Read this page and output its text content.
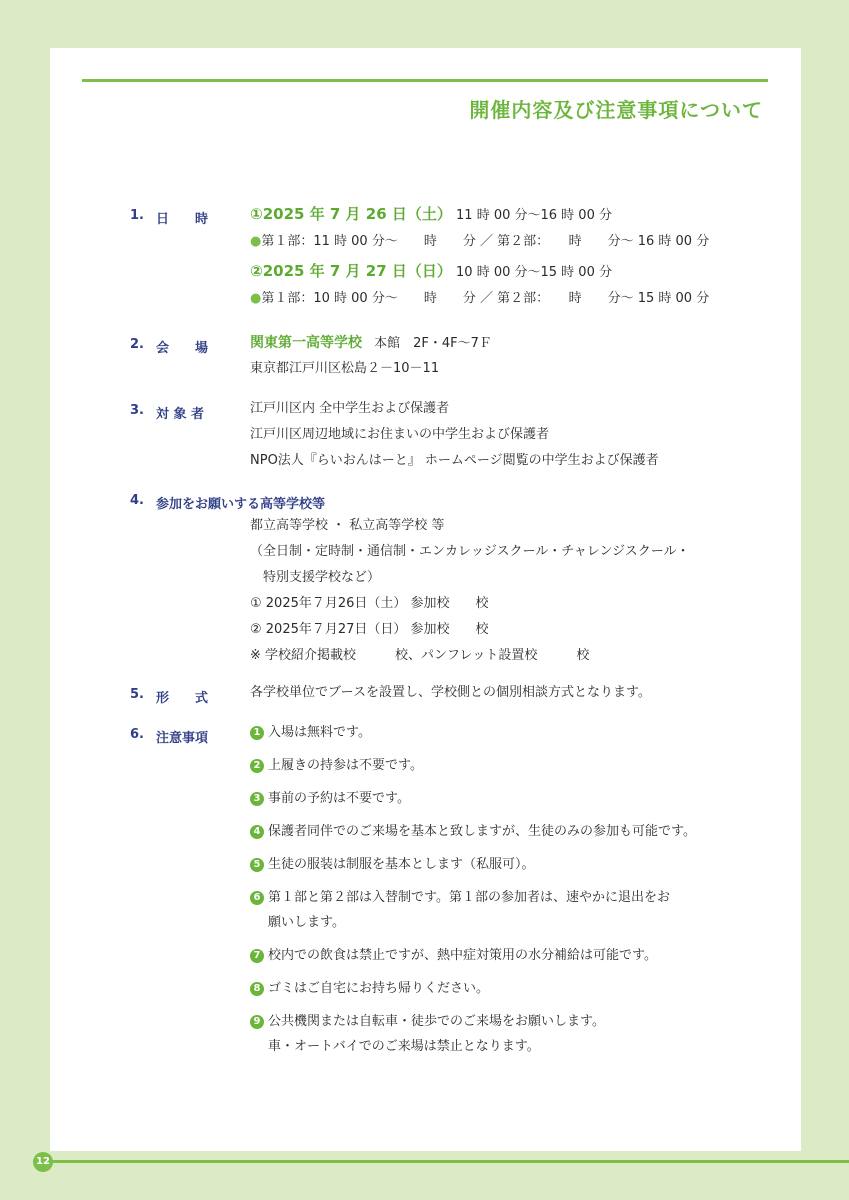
開催内容及び注意事項について
1. 日　　時	①2025 年 7 月 26 日（土） 11 時 00 分〜16 時 00 分
●第１部：11 時 00 分〜　　時　　分 ／ 第２部：　　時　　分〜 16 時 00 分
②2025 年 7 月 27 日（日） 10 時 00 分〜15 時 00 分
●第１部：10 時 00 分〜　　時　　分 ／ 第２部：　　時　　分〜 15 時 00 分
2. 会　　場	関東第一高等学校 本館　2F・4F〜7Ｆ
東京都江戸川区松島２－10－11
3. 対 象 者	江戸川区内 全中学生および保護者
江戸川区周辺地域にお住まいの中学生および保護者
NPO法人『らいおんはーと』 ホームページ閲覧の中学生および保護者
4. 参加をお願いする高等学校等
都立高等学校 ・ 私立高等学校 等
（全日制・定時制・通信制・エンカレッジスクール・チャレンジスクール・
　特別支援学校など）
① 2025年７月26日（土） 参加校　　校
② 2025年７月27日（日） 参加校　　校
※ 学校紹介掲載校　　　校、パンフレット設置校　　　校
5. 形　　式	各学校単位でブースを設置し、学校側との個別相談方式となります。
6. 注意事項	1 入場は無料です。
2 上履きの持参は不要です。
3 事前の予約は不要です。
4 保護者同伴でのご来場を基本と致しますが、生徒のみの参加も可能です。
5 生徒の服装は制服を基本とします（私服可）。
6 第１部と第２部は入替制です。第１部の参加者は、速やかに退出をお
願いします。
7 校内での飲食は禁止ですが、熱中症対策用の水分補給は可能です。
8 ゴミはご自宅にお持ち帰りください。
9 公共機関または自転車・徒歩でのご来場をお願いします。
車・オートバイでのご来場は禁止となります。
12
